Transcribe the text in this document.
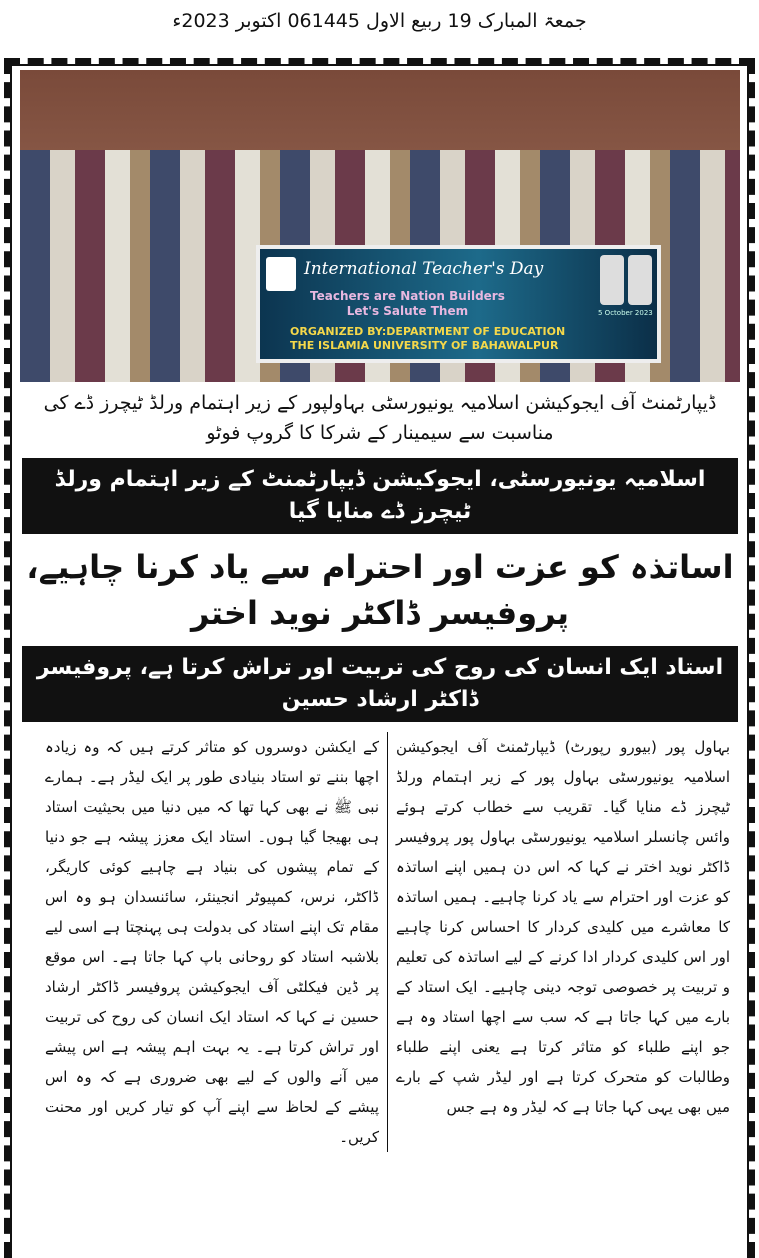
جمعۃ المبارک 19 ربیع الاول 061445 اکتوبر 2023ء
International Teacher's Day
Teachers are Nation Builders
Let's Salute Them	5 October 2023
ORGANIZED BY:DEPARTMENT OF EDUCATION
THE ISLAMIA UNIVERSITY OF BAHAWALPUR
ڈیپارٹمنٹ آف ایجوکیشن اسلامیہ یونیورسٹی بہاولپور کے زیر اہتمام ورلڈ ٹیچرز ڈے کی مناسبت سے سیمینار کے شرکا کا گروپ فوٹو
اسلامیہ یونیورسٹی، ایجوکیشن ڈیپارٹمنٹ کے زیر اہتمام ورلڈ ٹیچرز ڈے منایا گیا
اساتذہ کو عزت اور احترام سے یاد کرنا چاہیے، پروفیسر ڈاکٹر نوید اختر
استاد ایک انسان کی روح کی تربیت اور تراش کرتا ہے، پروفیسر ڈاکٹر ارشاد حسین
بہاول پور (بیورو رپورٹ) ڈیپارٹمنٹ آف ایجوکیشن اسلامیہ یونیورسٹی بہاول پور کے زیر اہتمام ورلڈ ٹیچرز ڈے منایا گیا۔ تقریب سے خطاب کرتے ہوئے وائس چانسلر اسلامیہ یونیورسٹی بہاول پور پروفیسر ڈاکٹر نوید اختر نے کہا کہ اس دن ہمیں اپنے اساتذہ کو عزت اور احترام سے یاد کرنا چاہیے۔ ہمیں اساتذہ کا معاشرے میں کلیدی کردار کا احساس کرنا چاہیے اور اس کلیدی کردار ادا کرنے کے لیے اساتذہ کی تعلیم و تربیت پر خصوصی توجہ دینی چاہیے۔ ایک استاد کے بارے میں کہا جاتا ہے کہ سب سے اچھا استاد وہ ہے جو اپنے طلباء کو متاثر کرتا ہے یعنی اپنے طلباء وطالبات کو متحرک کرتا ہے اور لیڈر شپ کے بارے میں بھی یہی کہا جاتا ہے کہ لیڈر وہ ہے جس
کے ایکشن دوسروں کو متاثر کرتے ہیں کہ وہ زیادہ اچھا بننے تو استاد بنیادی طور پر ایک لیڈر ہے۔ ہمارے نبی ﷺ نے بھی کہا تھا کہ میں دنیا میں بحیثیت استاد ہی بھیجا گیا ہوں۔ استاد ایک معزز پیشہ ہے جو دنیا کے تمام پیشوں کی بنیاد ہے چاہیے کوئی کاریگر، ڈاکٹر، نرس، کمپیوٹر انجینئر، سائنسدان ہو وہ اس مقام تک اپنے استاد کی بدولت ہی پہنچتا ہے اسی لیے بلاشبہ استاد کو روحانی باپ کہا جاتا ہے۔ اس موقع پر ڈین فیکلٹی آف ایجوکیشن پروفیسر ڈاکٹر ارشاد حسین نے کہا کہ استاد ایک انسان کی روح کی تربیت اور تراش کرتا ہے۔ یہ بہت اہم پیشہ ہے اس پیشے میں آنے والوں کے لیے بھی ضروری ہے کہ وہ اس پیشے کے لحاظ سے اپنے آپ کو تیار کریں اور محنت کریں۔
